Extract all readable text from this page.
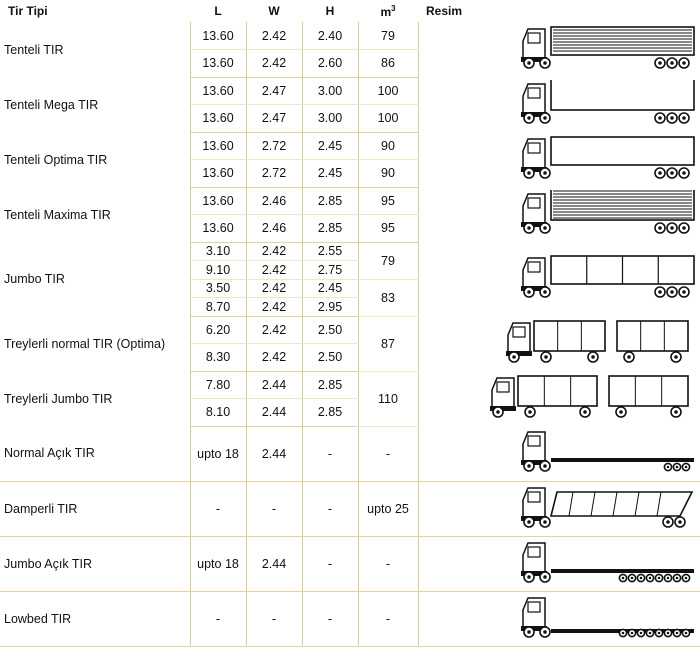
Tir Tipi	L	W	H	$m^3$	Resim
Tenteli TIR	13.60	2.42	2.40	79	

	13.60	2.42	2.60	86	
Tenteli Mega TIR	13.60	2.47	3.00	100	

	13.60	2.47	3.00	100	
Tenteli Optima TIR	13.60	2.72	2.45	90	

	13.60	2.72	2.45	90	
Tenteli Maxima TIR	13.60	2.46	2.85	95	

	13.60	2.46	2.85	95	
Jumbo TIR	3.10	2.42	2.55	79	

	9.10	2.42	2.75		
	3.50	2.42	2.45	83	
	8.70	2.42	2.95		
Treylerli normal TIR (Optima)	6.20	2.42	2.50	87	

	8.30	2.42	2.50		
Treylerli Jumbo TIR	7.80	2.44	2.85	110	

	8.10	2.44	2.85		
Normal Açık TIR	upto 18	2.44	-	-	

Damperli TIR	-	-	-	upto 25	

Jumbo Açık TIR	upto 18	2.44	-	-	

Lowbed TIR	-	-	-	-	
